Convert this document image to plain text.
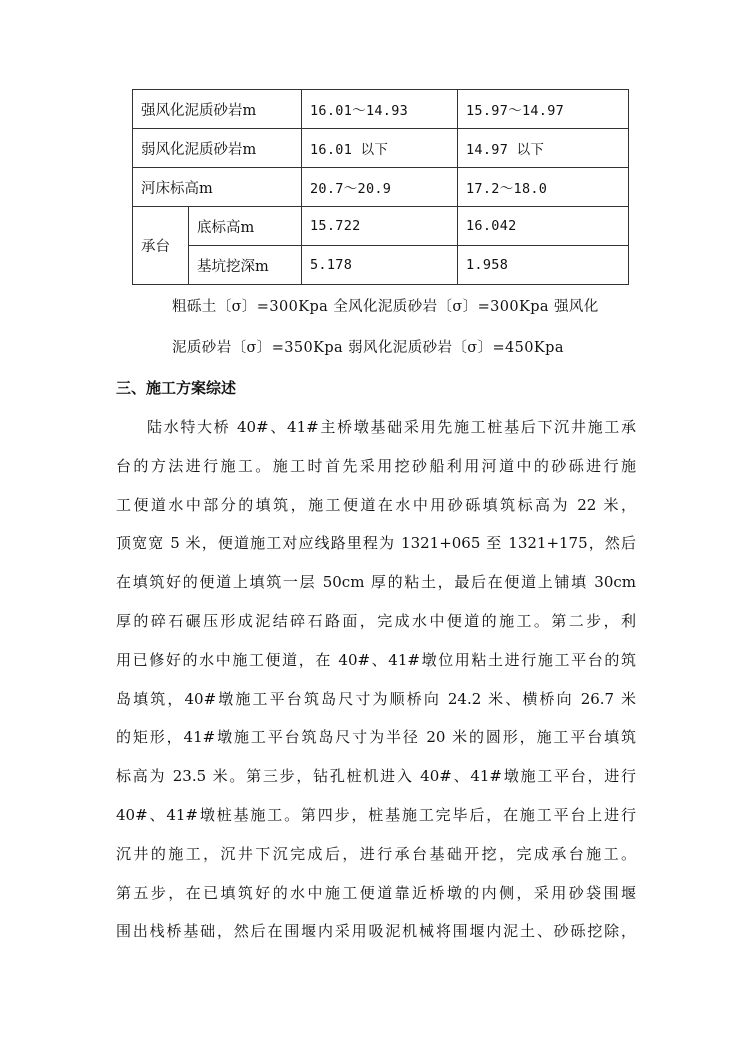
强风化泥质砂岩m		16.01～14.93	15.97～14.97
弱风化泥质砂岩m		16.01 以下	14.97 以下
河床标高m		20.7～20.9	17.2～18.0
承台	底标高m	15.722	16.042
	基坑挖深m	5.178	1.958
粗砾土〔σ〕=300Kpa 全风化泥质砂岩〔σ〕=300Kpa 强风化
泥质砂岩〔σ〕=350Kpa 弱风化泥质砂岩〔σ〕=450Kpa
三、施工方案综述
陆水特大桥 40#、41#主桥墩基础采用先施工桩基后下沉井施工承
台的方法进行施工。施工时首先采用挖砂船利用河道中的砂砾进行施
工便道水中部分的填筑，施工便道在水中用砂砾填筑标高为 22 米，
顶宽宽 5 米，便道施工对应线路里程为 1321+065 至 1321+175，然后
在填筑好的便道上填筑一层 50cm 厚的粘土，最后在便道上铺填 30cm
厚的碎石碾压形成泥结碎石路面，完成水中便道的施工。第二步，利
用已修好的水中施工便道，在 40#、41#墩位用粘土进行施工平台的筑
岛填筑，40#墩施工平台筑岛尺寸为顺桥向 24.2 米、横桥向 26.7 米
的矩形，41#墩施工平台筑岛尺寸为半径 20 米的圆形，施工平台填筑
标高为 23.5 米。第三步，钻孔桩机进入 40#、41#墩施工平台，进行
40#、41#墩桩基施工。第四步，桩基施工完毕后，在施工平台上进行
沉井的施工，沉井下沉完成后，进行承台基础开挖，完成承台施工。
第五步，在已填筑好的水中施工便道靠近桥墩的内侧，采用砂袋围堰
围出栈桥基础，然后在围堰内采用吸泥机械将围堰内泥土、砂砾挖除，
